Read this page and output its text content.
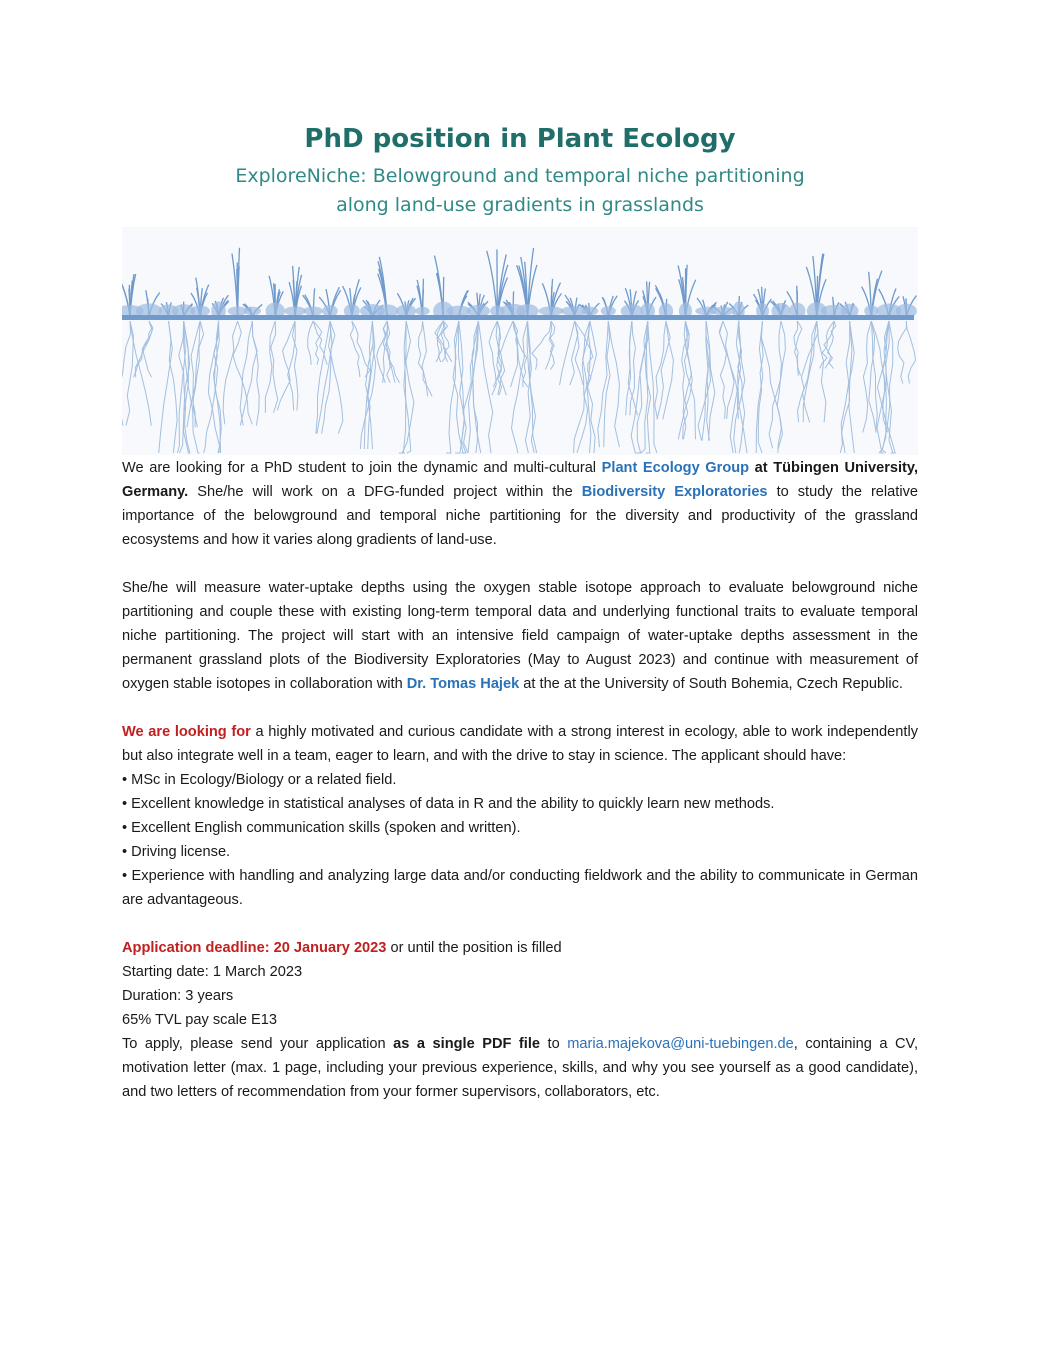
PhD position in Plant Ecology
ExploreNiche: Belowground and temporal niche partitioning
along land-use gradients in grasslands

We are looking for a PhD student to join the dynamic and multi-cultural Plant Ecology Group at Tübingen University, Germany. She/he will work on a DFG-funded project within the Biodiversity Exploratories to study the relative importance of the belowground and temporal niche partitioning for the diversity and productivity of the grassland ecosystems and how it varies along gradients of land-use.

She/he will measure water-uptake depths using the oxygen stable isotope approach to evaluate belowground niche partitioning and couple these with existing long-term temporal data and underlying functional traits to evaluate temporal niche partitioning. The project will start with an intensive field campaign of water-uptake depths assessment in the permanent grassland plots of the Biodiversity Exploratories (May to August 2023) and continue with measurement of oxygen stable isotopes in collaboration with Dr. Tomas Hajek at the at the University of South Bohemia, Czech Republic.

We are looking for a highly motivated and curious candidate with a strong interest in ecology, able to work independently but also integrate well in a team, eager to learn, and with the drive to stay in science. The applicant should have:

• MSc in Ecology/Biology or a related field.

• Excellent knowledge in statistical analyses of data in R and the ability to quickly learn new methods.

• Excellent English communication skills (spoken and written).

• Driving license.

• Experience with handling and analyzing large data and/or conducting fieldwork and the ability to communicate in German are advantageous.

Application deadline: 20 January 2023 or until the position is filled

Starting date: 1 March 2023

Duration: 3 years

65% TVL pay scale E13

To apply, please send your application as a single PDF file to maria.majekova@uni-tuebingen.de, containing a CV, motivation letter (max. 1 page, including your previous experience, skills, and why you see yourself as a good candidate), and two letters of recommendation from your former supervisors, collaborators, etc.
